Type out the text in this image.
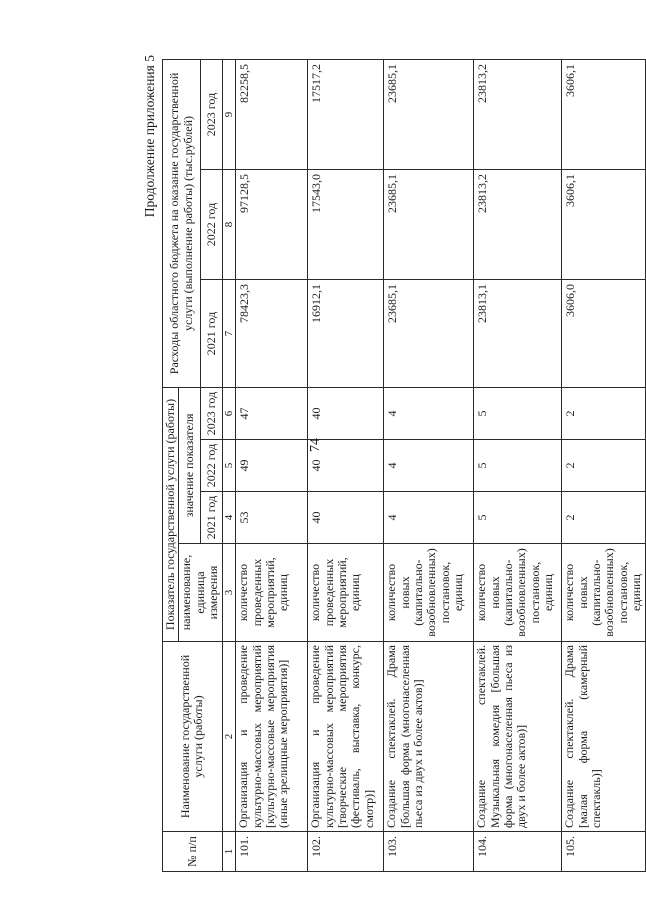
74
Продолжение приложения 5
№ п/п	Наименование государственной услуги (работы)	Показатель государственной услуги (работы)				Расходы областного бюджета на оказание государственной услуги (выполнение работы) (тыс.рублей)		
		наименование, единица измерения	значение показателя					
			2021 год	2022 год	2023 год	2021 год	2022 год	2023 год
1	2	3	4	5	6	7	8	9
101.	Организация и проведение культурно-массовых мероприятий [культурно-массовые мероприятия (иные зрелищные мероприятия)]	количество проведенных мероприятий, единиц	53	49	47	78423,3	97128,5	82258,5
102.	Организация и проведение культурно-массовых мероприятий [творческие мероприятия (фестиваль, выставка, конкурс, смотр)]	количество проведенных мероприятий, единиц	40	40	40	16912,1	17543,0	17517,2
103.	Создание спектаклей. Драма [большая форма (многонаселенная пьеса из двух и более актов)]	количество новых (капитально-возобновленных) постановок, единиц	4	4	4	23685,1	23685,1	23685,1
104.	Создание спектаклей. Музыкальная комедия [большая форма (многонаселенная пьеса из двух и более актов)]	количество новых (капитально-возобновленных) постановок, единиц	5	5	5	23813,1	23813,2	23813,2
105.	Создание спектаклей. Драма [малая форма (камерный спектакль)]	количество новых (капитально-возобновленных) постановок, единиц	2	2	2	3606,0	3606,1	3606,1
